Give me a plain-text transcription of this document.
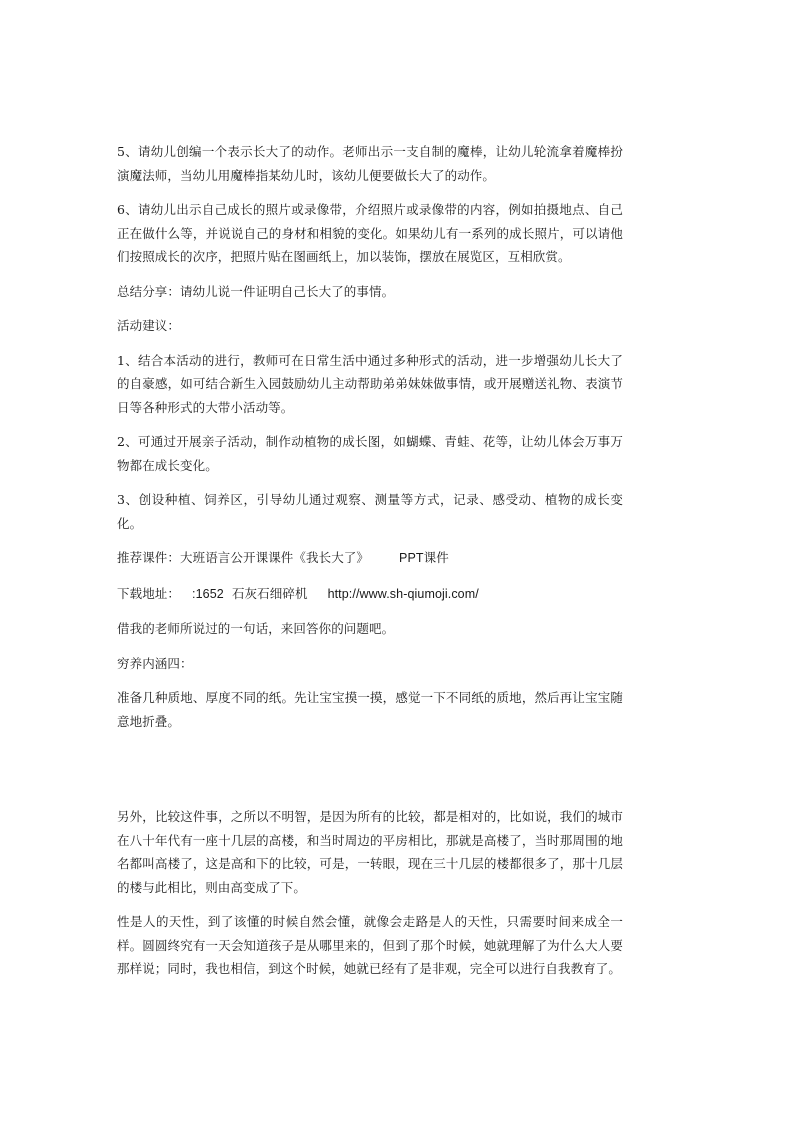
5、请幼儿创编一个表示长大了的动作。老师出示一支自制的魔棒，让幼儿轮流拿着魔棒扮演魔法师，当幼儿用魔棒指某幼儿时，该幼儿便要做长大了的动作。

6、请幼儿出示自己成长的照片或录像带，介绍照片或录像带的内容，例如拍摄地点、自己正在做什么等，并说说自己的身材和相貌的变化。如果幼儿有一系列的成长照片，可以请他们按照成长的次序，把照片贴在图画纸上，加以装饰，摆放在展览区，互相欣赏。

总结分享：请幼儿说一件证明自己长大了的事情。

活动建议：

1、结合本活动的进行，教师可在日常生活中通过多种形式的活动，进一步增强幼儿长大了的自豪感，如可结合新生入园鼓励幼儿主动帮助弟弟妹妹做事情，或开展赠送礼物、表演节日等各种形式的大带小活动等。

2、可通过开展亲子活动，制作动植物的成长图，如蝴蝶、青蛙、花等，让幼儿体会万事万物都在成长变化。

3、创设种植、饲养区，引导幼儿通过观察、测量等方式，记录、感受动、植物的成长变化。

推荐课件：大班语言公开课课件《我长大了》 PPT课件

下载地址： :1652 石灰石细碎机 http://www.sh-qiumoji.com/

借我的老师所说过的一句话，来回答你的问题吧。

穷养内涵四：

准备几种质地、厚度不同的纸。先让宝宝摸一摸，感觉一下不同纸的质地，然后再让宝宝随意地折叠。

另外，比较这件事，之所以不明智，是因为所有的比较，都是相对的，比如说，我们的城市在八十年代有一座十几层的高楼，和当时周边的平房相比，那就是高楼了，当时那周围的地名都叫高楼了，这是高和下的比较，可是，一转眼，现在三十几层的楼都很多了，那十几层的楼与此相比，则由高变成了下。

性是人的天性，到了该懂的时候自然会懂，就像会走路是人的天性，只需要时间来成全一样。圆圆终究有一天会知道孩子是从哪里来的，但到了那个时候，她就理解了为什么大人要那样说；同时，我也相信，到这个时候，她就已经有了是非观，完全可以进行自我教育了。
